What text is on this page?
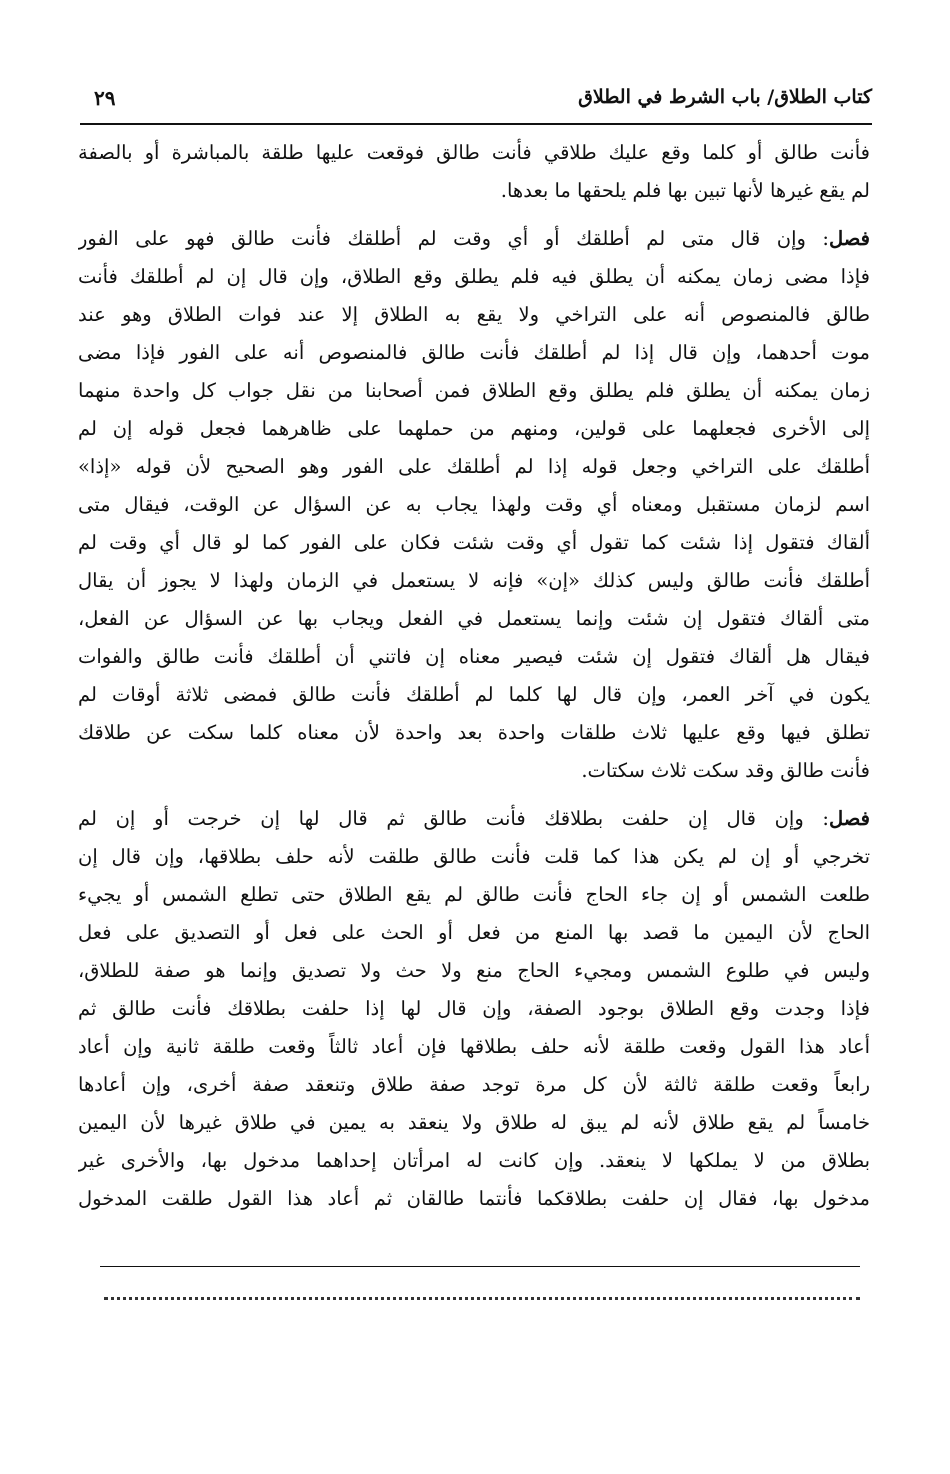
كتاب الطلاق/ باب الشرط في الطلاق
٢٩

فأنت طالق أو كلما وقع عليك طلاقي فأنت طالق فوقعت عليها طلقة بالمباشرة أو بالصفة
لم يقع غيرها لأنها تبين بها فلم يلحقها ما بعدها.

فصل: وإن قال متى لم أطلقك أو أي وقت لم أطلقك فأنت طالق فهو على الفور
فإذا مضى زمان يمكنه أن يطلق فيه فلم يطلق وقع الطلاق، وإن قال إن لم أطلقك فأنت
طالق فالمنصوص أنه على التراخي ولا يقع به الطلاق إلا عند فوات الطلاق وهو عند
موت أحدهما، وإن قال إذا لم أطلقك فأنت طالق فالمنصوص أنه على الفور فإذا مضى
زمان يمكنه أن يطلق فلم يطلق وقع الطلاق فمن أصحابنا من نقل جواب كل واحدة منهما
إلى الأخرى فجعلهما على قولين، ومنهم من حملهما على ظاهرهما فجعل قوله إن لم
أطلقك على التراخي وجعل قوله إذا لم أطلقك على الفور وهو الصحيح لأن قوله «إذا»
اسم لزمان مستقبل ومعناه أي وقت ولهذا يجاب به عن السؤال عن الوقت، فيقال متى
ألقاك فتقول إذا شئت كما تقول أي وقت شئت فكان على الفور كما لو قال أي وقت لم
أطلقك فأنت طالق وليس كذلك «إن» فإنه لا يستعمل في الزمان ولهذا لا يجوز أن يقال
متى ألقاك فتقول إن شئت وإنما يستعمل في الفعل ويجاب بها عن السؤال عن الفعل،
فيقال هل ألقاك فتقول إن شئت فيصير معناه إن فاتني أن أطلقك فأنت طالق والفوات
يكون في آخر العمر، وإن قال لها كلما لم أطلقك فأنت طالق فمضى ثلاثة أوقات لم
تطلق فيها وقع عليها ثلاث طلقات واحدة بعد واحدة لأن معناه كلما سكت عن طلاقك
فأنت طالق وقد سكت ثلاث سكتات.

فصل: وإن قال إن حلفت بطلاقك فأنت طالق ثم قال لها إن خرجت أو إن لم
تخرجي أو إن لم يكن هذا كما قلت فأنت طالق طلقت لأنه حلف بطلاقها، وإن قال إن
طلعت الشمس أو إن جاء الحاج فأنت طالق لم يقع الطلاق حتى تطلع الشمس أو يجيء
الحاج لأن اليمين ما قصد بها المنع من فعل أو الحث على فعل أو التصديق على فعل
وليس في طلوع الشمس ومجيء الحاج منع ولا حث ولا تصديق وإنما هو صفة للطلاق،
فإذا وجدت وقع الطلاق بوجود الصفة، وإن قال لها إذا حلفت بطلاقك فأنت طالق ثم
أعاد هذا القول وقعت طلقة لأنه حلف بطلاقها فإن أعاد ثالثاً وقعت طلقة ثانية وإن أعاد
رابعاً وقعت طلقة ثالثة لأن كل مرة توجد صفة طلاق وتنعقد صفة أخرى، وإن أعادها
خامساً لم يقع طلاق لأنه لم يبق له طلاق ولا ينعقد به يمين في طلاق غيرها لأن اليمين
بطلاق من لا يملكها لا ينعقد. وإن كانت له امرأتان إحداهما مدخول بها، والأخرى غير
مدخول بها، فقال إن حلفت بطلاقكما فأنتما طالقان ثم أعاد هذا القول طلقت المدخول
